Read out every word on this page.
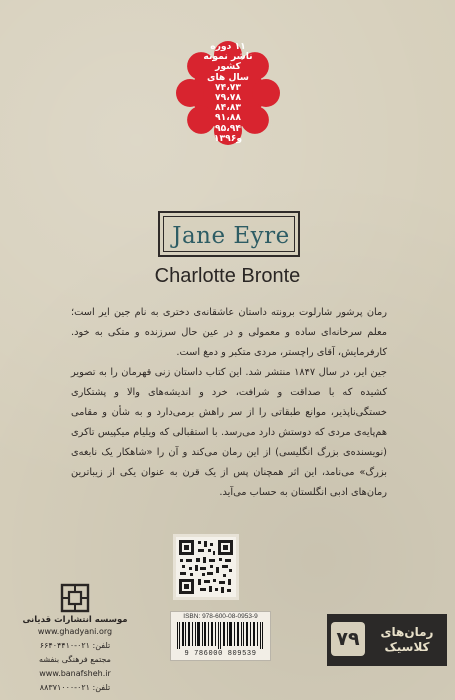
۱۱ دوره
ناشر نمونه
کشور
سال های
۷۴،۷۳
۷۹،۷۸
۸۴،۸۳
۹۱،۸۸
۹۵،۹۴
و۱۳۹۶
Jane Eyre
Charlotte Bronte

رمان پرشور شارلوت برونته داستان عاشقانه‌ی دختری به نام جین ایر است؛ معلم سرخانه‌ای ساده و معمولی و در عین حال سرزنده و متکی به خود. کارفرمایش، آقای راچستر، مردی متکبر و دمغ است.

جین ایر، در سال ۱۸۴۷ منتشر شد. این کتاب داستان زنی قهرمان را به تصویر کشیده که با صداقت و شرافت، خرد و اندیشه‌های والا و پشتکاری خستگی‌ناپذیر، موانع طبقاتی را از سر راهش برمی‌دارد و به شأن و مقامی هم‌پایه‌ی مردی که دوستش دارد می‌رسد. با استقبالی که ویلیام میکپیس تاکری (نویسنده‌ی بزرگ انگلیسی) از این رمان می‌کند و آن را «شاهکار یک نابغه‌ی بزرگ» می‌نامد، این اثر همچنان پس از یک قرن به عنوان یکی از زیباترین رمان‌های ادبی انگلستان به حساب می‌آید.

ISBN: 978-600-08-0953-9
9 786000 809539
موسسه انتشارات قدیانی
www.ghadyani.org
تلفن: ۰۲۱-۶۶۴۰۴۴۱۰
مجتمع فرهنگی بنفشه
www.banafsheh.ir
تلفن: ۰۲۱-۸۸۳۷۱۰۰۰
۷۹	رمان‌های کلاسیک
